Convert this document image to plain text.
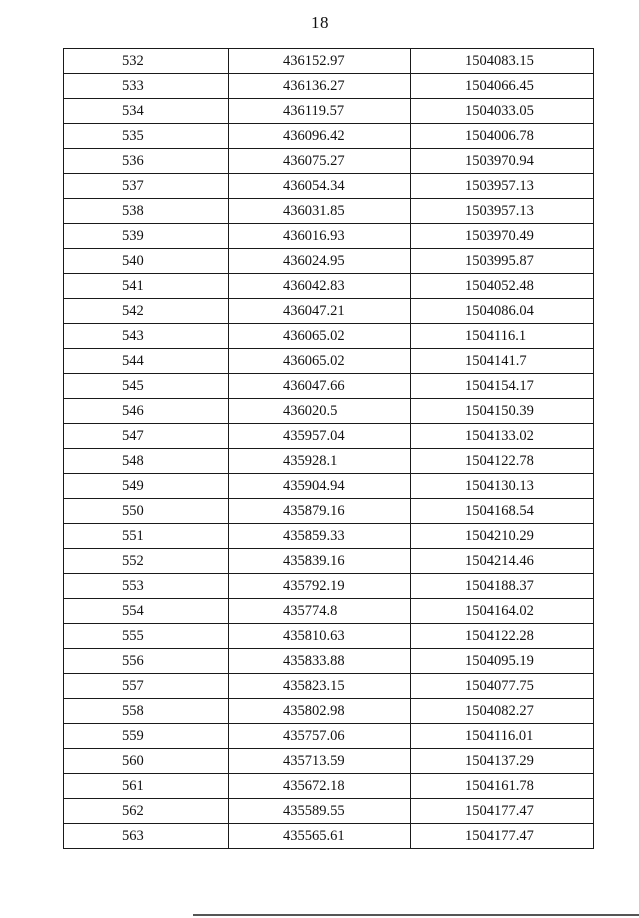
18
532	436152.97	1504083.15
533	436136.27	1504066.45
534	436119.57	1504033.05
535	436096.42	1504006.78
536	436075.27	1503970.94
537	436054.34	1503957.13
538	436031.85	1503957.13
539	436016.93	1503970.49
540	436024.95	1503995.87
541	436042.83	1504052.48
542	436047.21	1504086.04
543	436065.02	1504116.1
544	436065.02	1504141.7
545	436047.66	1504154.17
546	436020.5	1504150.39
547	435957.04	1504133.02
548	435928.1	1504122.78
549	435904.94	1504130.13
550	435879.16	1504168.54
551	435859.33	1504210.29
552	435839.16	1504214.46
553	435792.19	1504188.37
554	435774.8	1504164.02
555	435810.63	1504122.28
556	435833.88	1504095.19
557	435823.15	1504077.75
558	435802.98	1504082.27
559	435757.06	1504116.01
560	435713.59	1504137.29
561	435672.18	1504161.78
562	435589.55	1504177.47
563	435565.61	1504177.47
